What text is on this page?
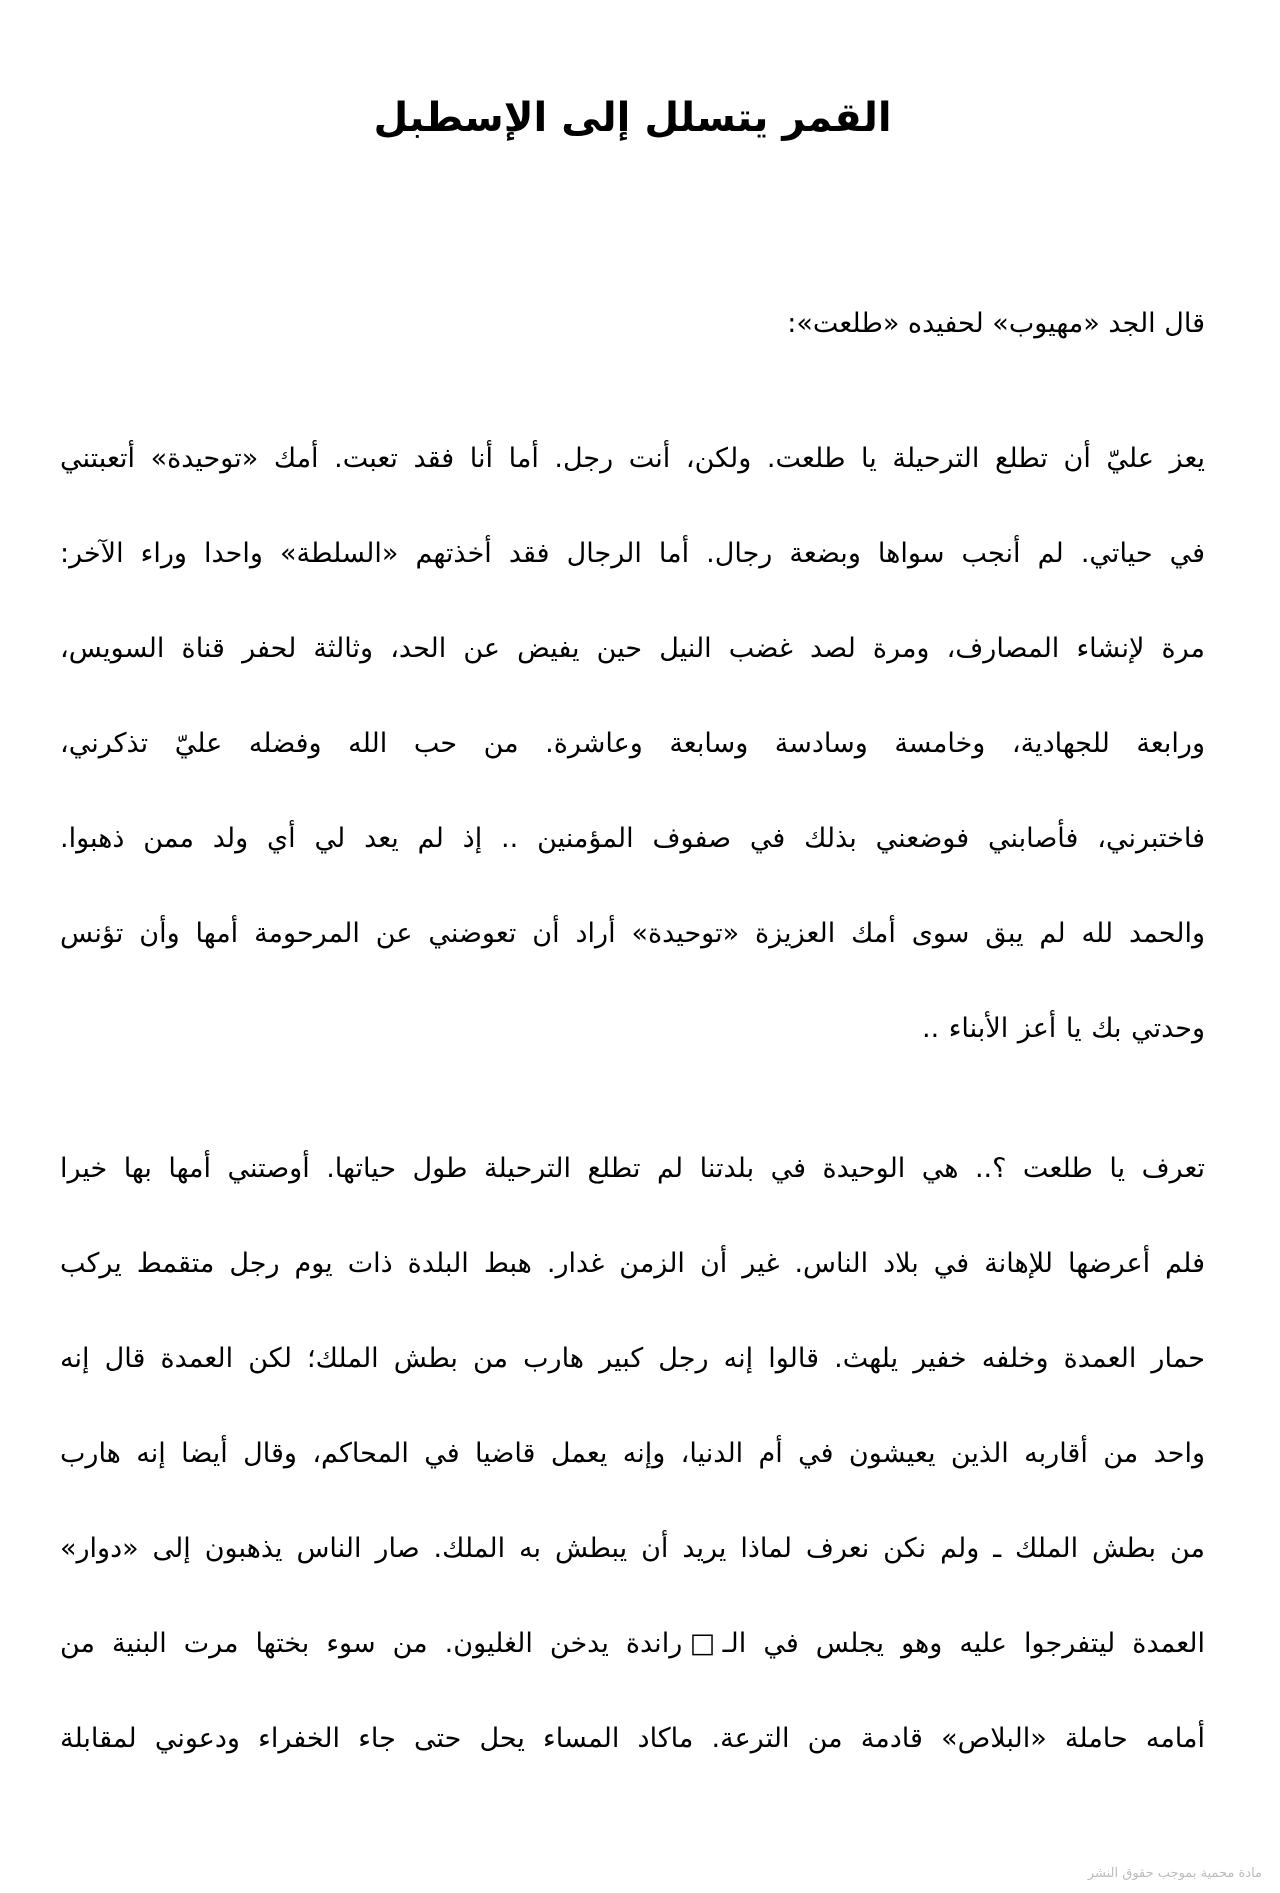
القمر يتسلل إلى الإسطبل

قال الجد «مهيوب» لحفيده «طلعت»:

يعز عليّ أن تطلع الترحيلة يا طلعت. ولكن، أنت رجل. أما أنا فقد تعبت. أمك «توحيدة» أتعبتني
في حياتي. لم أنجب سواها وبضعة رجال. أما الرجال فقد أخذتهم «السلطة» واحدا وراء الآخر:
مرة لإنشاء المصارف، ومرة لصد غضب النيل حين يفيض عن الحد، وثالثة لحفر قناة السويس،
ورابعة للجهادية، وخامسة وسادسة وسابعة وعاشرة. من حب الله وفضله عليّ تذكرني،
فاختبرني، فأصابني فوضعني بذلك في صفوف المؤمنين .. إذ لم يعد لي أي ولد ممن ذهبوا.
والحمد لله لم يبق سوى أمك العزيزة «توحيدة» أراد أن تعوضني عن المرحومة أمها وأن تؤنس
وحدتي بك يا أعز الأبناء ..
تعرف يا طلعت ؟.. هي الوحيدة في بلدتنا لم تطلع الترحيلة طول حياتها. أوصتني أمها بها خيرا
فلم أعرضها للإهانة في بلاد الناس. غير أن الزمن غدار. هبط البلدة ذات يوم رجل متقمط يركب
حمار العمدة وخلفه خفير يلهث. قالوا إنه رجل كبير هارب من بطش الملك؛ لكن العمدة قال إنه
واحد من أقاربه الذين يعيشون في أم الدنيا، وإنه يعمل قاضيا في المحاكم، وقال أيضا إنه هارب
من بطش الملك ـ ولم نكن نعرف لماذا يريد أن يبطش به الملك. صار الناس يذهبون إلى «دوار»
العمدة ليتفرجوا عليه وهو يجلس في الـ□راندة يدخن الغليون. من سوء بختها مرت البنية من
أمامه حاملة «البلاص» قادمة من الترعة. ماكاد المساء يحل حتى جاء الخفراء ودعوني لمقابلة
مادة محمية بموجب حقوق النشر
